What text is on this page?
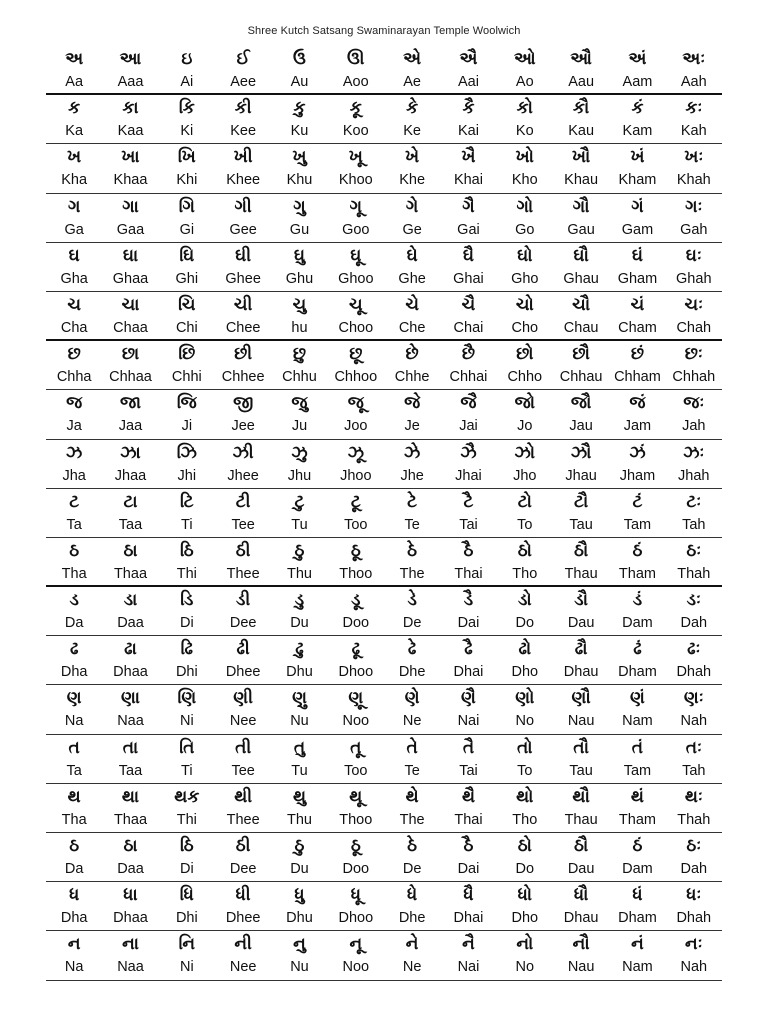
Shree Kutch Satsang Swaminarayan Temple Woolwich
અ
Aa
આ
Aaa
ઇ
Ai
ઈ
Aee
ઉ
Au
ઊ
Aoo
એ
Ae
ઐ
Aai
ઓ
Ao
ઔ
Aau
અં
Aam
અઃ
Aah
ક
Ka
કા
Kaa
કિ
Ki
કી
Kee
કુ
Ku
કૂ
Koo
કે
Ke
કૈ
Kai
કો
Ko
કૌ
Kau
કં
Kam
કઃ
Kah
ખ
Kha
ખા
Khaa
ખિ
Khi
ખી
Khee
ખુ
Khu
ખૂ
Khoo
ખે
Khe
ખૈ
Khai
ખો
Kho
ખૌ
Khau
ખં
Kham
ખઃ
Khah
ગ
Ga
ગા
Gaa
ગિ
Gi
ગી
Gee
ગુ
Gu
ગૂ
Goo
ગે
Ge
ગૈ
Gai
ગો
Go
ગૌ
Gau
ગં
Gam
ગઃ
Gah
ઘ
Gha
ઘા
Ghaa
ઘિ
Ghi
ઘી
Ghee
ઘુ
Ghu
ઘૂ
Ghoo
ઘે
Ghe
ઘૈ
Ghai
ઘો
Gho
ઘૌ
Ghau
ઘં
Gham
ઘઃ
Ghah
ચ
Cha
ચા
Chaa
ચિ
Chi
ચી
Chee
ચુ
hu
ચૂ
Choo
ચે
Che
ચૈ
Chai
ચો
Cho
ચૌ
Chau
ચં
Cham
ચઃ
Chah
છ
Chha
છા
Chhaa
છિ
Chhi
છી
Chhee
છુ
Chhu
છૂ
Chhoo
છે
Chhe
છૈ
Chhai
છો
Chho
છૌ
Chhau
છં
Chham
છઃ
Chhah
જ
Ja
જા
Jaa
જિ
Ji
જી
Jee
જુ
Ju
જૂ
Joo
જે
Je
જૈ
Jai
જો
Jo
જૌ
Jau
જં
Jam
જઃ
Jah
ઝ
Jha
ઝા
Jhaa
ઝિ
Jhi
ઝી
Jhee
ઝુ
Jhu
ઝૂ
Jhoo
ઝે
Jhe
ઝૈ
Jhai
ઝો
Jho
ઝૌ
Jhau
ઝં
Jham
ઝઃ
Jhah
ટ
Ta
ટા
Taa
ટિ
Ti
ટી
Tee
ટુ
Tu
ટૂ
Too
ટે
Te
ટૈ
Tai
ટો
To
ટૌ
Tau
ટં
Tam
ટઃ
Tah
ઠ
Tha
ઠા
Thaa
ઠિ
Thi
ઠી
Thee
ઠુ
Thu
ઠૂ
Thoo
ઠે
The
ઠૈ
Thai
ઠો
Tho
ઠૌ
Thau
ઠં
Tham
ઠઃ
Thah
ડ
Da
ડા
Daa
ડિ
Di
ડી
Dee
ડુ
Du
ડૂ
Doo
ડે
De
ડૈ
Dai
ડો
Do
ડૌ
Dau
ડં
Dam
ડઃ
Dah
ઢ
Dha
ઢા
Dhaa
ઢિ
Dhi
ઢી
Dhee
ઢુ
Dhu
ઢૂ
Dhoo
ઢે
Dhe
ઢૈ
Dhai
ઢો
Dho
ઢૌ
Dhau
ઢં
Dham
ઢઃ
Dhah
ણ
Na
ણા
Naa
ણિ
Ni
ણી
Nee
ણુ
Nu
ણૂ
Noo
ણે
Ne
ણૈ
Nai
ણો
No
ણૌ
Nau
ણં
Nam
ણઃ
Nah
ત
Ta
તા
Taa
તિ
Ti
તી
Tee
તુ
Tu
તૂ
Too
તે
Te
તૈ
Tai
તો
To
તૌ
Tau
તં
Tam
તઃ
Tah
થ
Tha
થા
Thaa
થક
Thi
થી
Thee
થુ
Thu
થૂ
Thoo
થે
The
થૈ
Thai
થો
Tho
થૌ
Thau
થં
Tham
થઃ
Thah
ઠ
Da
ઠા
Daa
ઠિ
Di
ઠી
Dee
ઠુ
Du
ઠૂ
Doo
ઠે
De
ઠૈ
Dai
ઠો
Do
ઠૌ
Dau
ઠં
Dam
ઠઃ
Dah
ધ
Dha
ધા
Dhaa
ધિ
Dhi
ધી
Dhee
ધુ
Dhu
ધૂ
Dhoo
ધે
Dhe
ધૈ
Dhai
ધો
Dho
ધૌ
Dhau
ધં
Dham
ધઃ
Dhah
ન
Na
ના
Naa
નિ
Ni
ની
Nee
નુ
Nu
નૂ
Noo
ને
Ne
નૈ
Nai
નો
No
નૌ
Nau
નં
Nam
નઃ
Nah
